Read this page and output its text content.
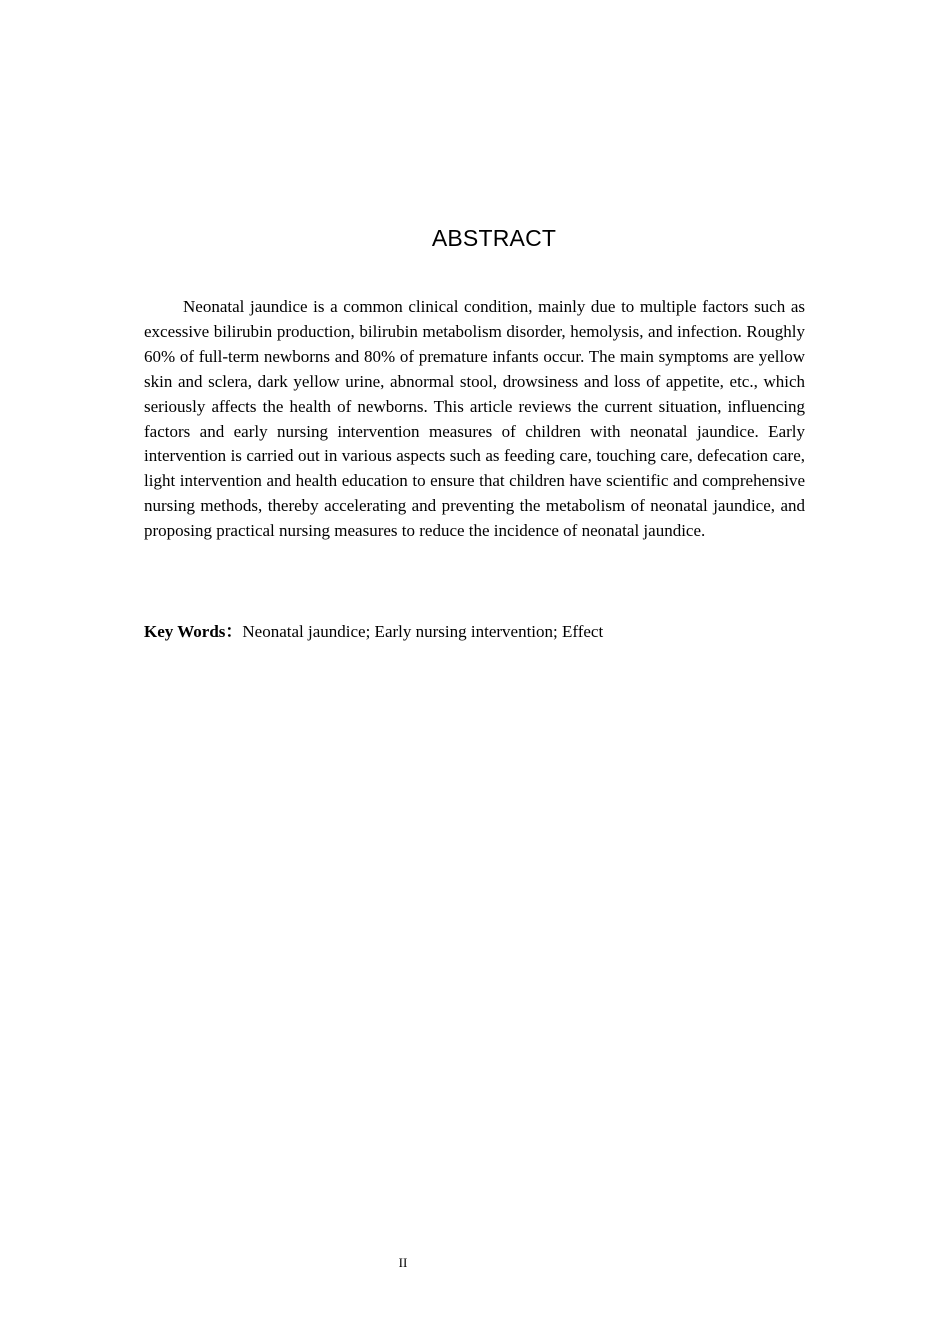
ABSTRACT

Neonatal jaundice is a common clinical condition, mainly due to multiple factors such as excessive bilirubin production, bilirubin metabolism disorder, hemolysis, and infection. Roughly 60% of full-term newborns and 80% of premature infants occur. The main symptoms are yellow skin and sclera, dark yellow urine, abnormal stool, drowsiness and loss of appetite, etc., which seriously affects the health of newborns. This article reviews the current situation, influencing factors and early nursing intervention measures of children with neonatal jaundice. Early intervention is carried out in various aspects such as feeding care, touching care, defecation care, light intervention and health education to ensure that children have scientific and comprehensive nursing methods, thereby accelerating and preventing the metabolism of neonatal jaundice, and proposing practical nursing measures to reduce the incidence of neonatal jaundice.

Key Words：Neonatal jaundice; Early nursing intervention; Effect

II
